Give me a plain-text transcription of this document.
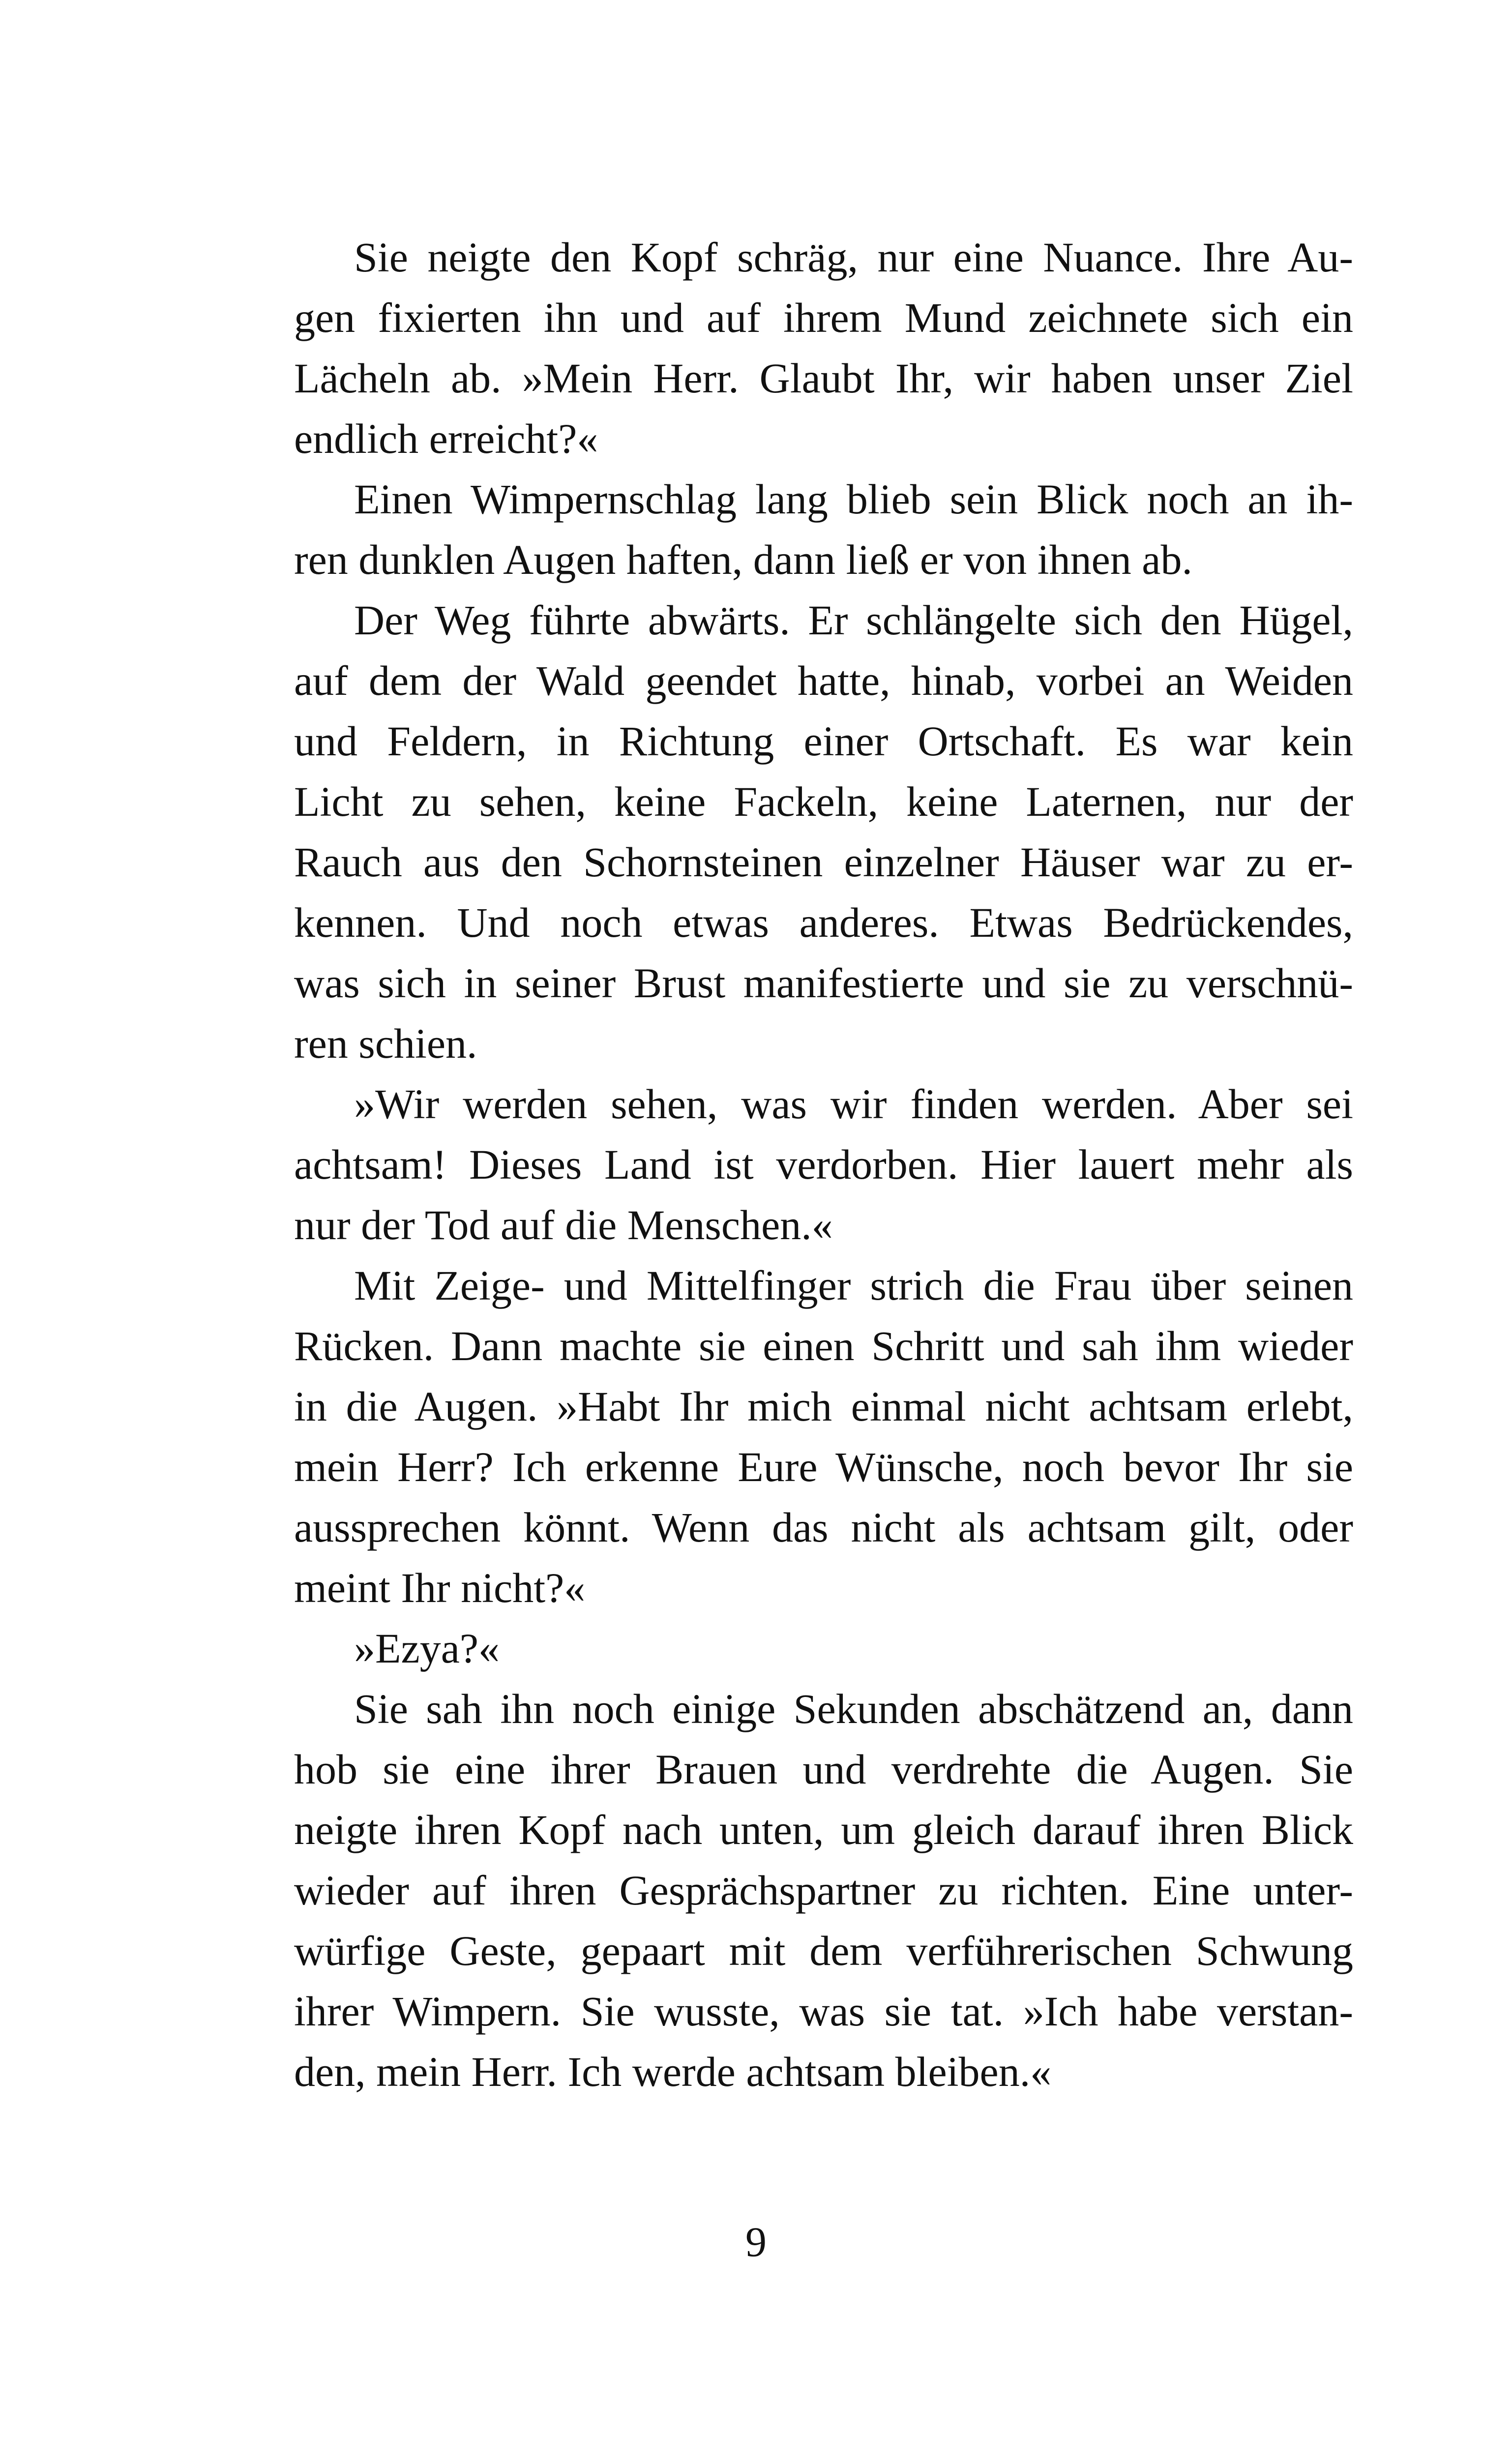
Sie neigte den Kopf schräg, nur eine Nuance. Ihre Au-
gen fixierten ihn und auf ihrem Mund zeichnete sich ein
Lächeln ab. »Mein Herr. Glaubt Ihr, wir haben unser Ziel
endlich erreicht?«
Einen Wimpernschlag lang blieb sein Blick noch an ih-
ren dunklen Augen haften, dann ließ er von ihnen ab.
Der Weg führte abwärts. Er schlängelte sich den Hügel,
auf dem der Wald geendet hatte, hinab, vorbei an Weiden
und Feldern, in Richtung einer Ortschaft. Es war kein
Licht zu sehen, keine Fackeln, keine Laternen, nur der
Rauch aus den Schornsteinen einzelner Häuser war zu er-
kennen. Und noch etwas anderes. Etwas Bedrückendes,
was sich in seiner Brust manifestierte und sie zu verschnü-
ren schien.
»Wir werden sehen, was wir finden werden. Aber sei
achtsam! Dieses Land ist verdorben. Hier lauert mehr als
nur der Tod auf die Menschen.«
Mit Zeige- und Mittelfinger strich die Frau über seinen
Rücken. Dann machte sie einen Schritt und sah ihm wieder
in die Augen. »Habt Ihr mich einmal nicht achtsam erlebt,
mein Herr? Ich erkenne Eure Wünsche, noch bevor Ihr sie
aussprechen könnt. Wenn das nicht als achtsam gilt, oder
meint Ihr nicht?«
»Ezya?«
Sie sah ihn noch einige Sekunden abschätzend an, dann
hob sie eine ihrer Brauen und verdrehte die Augen. Sie
neigte ihren Kopf nach unten, um gleich darauf ihren Blick
wieder auf ihren Gesprächspartner zu richten. Eine unter-
würfige Geste, gepaart mit dem verführerischen Schwung
ihrer Wimpern. Sie wusste, was sie tat. »Ich habe verstan-
den, mein Herr. Ich werde achtsam bleiben.«
9
